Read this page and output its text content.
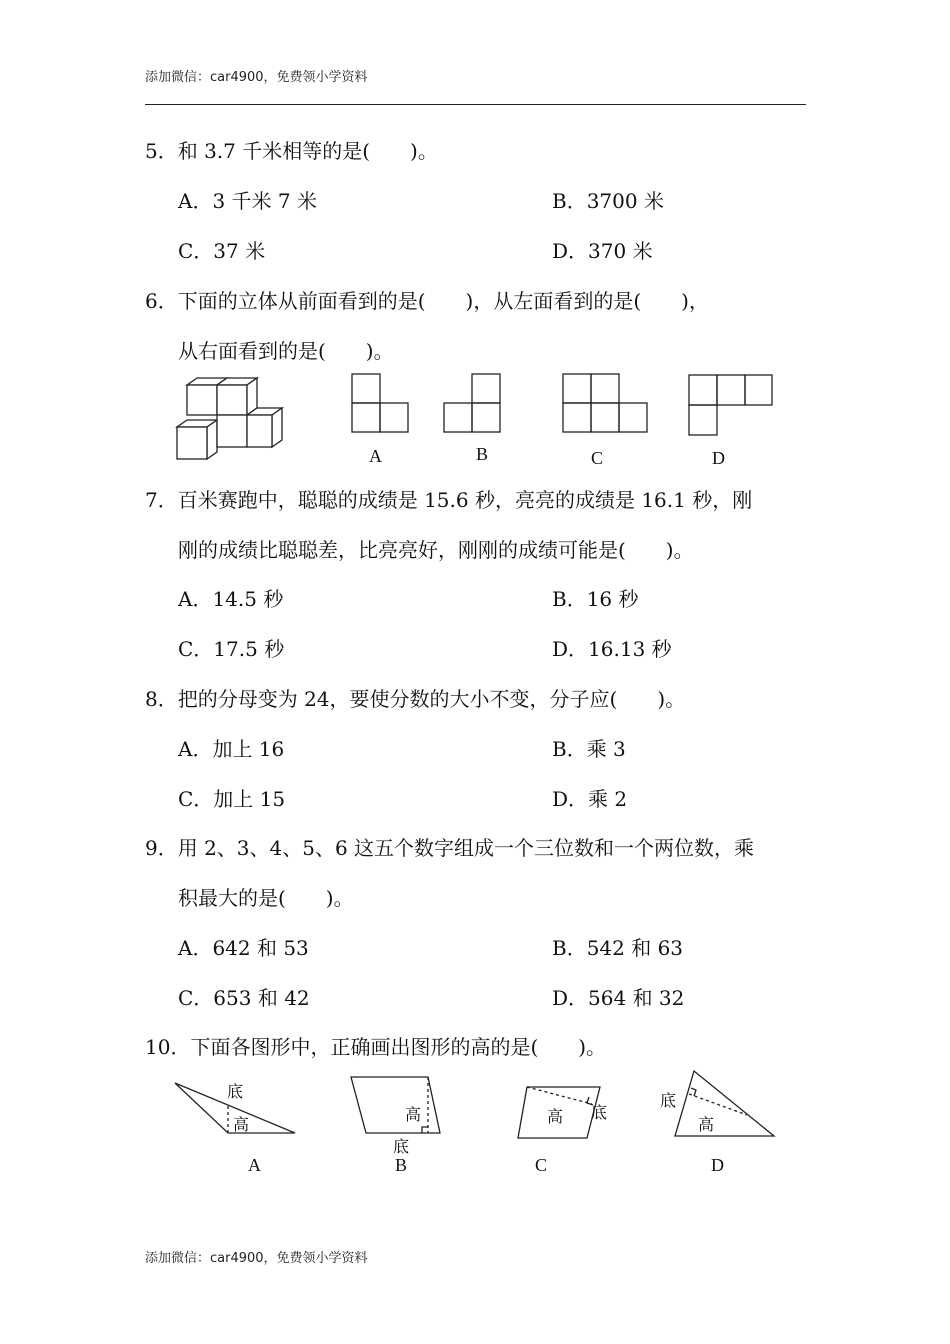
添加微信：car4900，免费领小学资料
5．和 3.7 千米相等的是(　　)。
A．3 千米 7 米	B．3700 米
C．37 米	D．370 米
6．下面的立体从前面看到的是(　　)，从左面看到的是(　　)，
从右面看到的是(　　)。
A	B	C	D
7．百米赛跑中，聪聪的成绩是 15.6 秒，亮亮的成绩是 16.1 秒，刚
刚的成绩比聪聪差，比亮亮好，刚刚的成绩可能是(　　)。
A．14.5 秒	B．16 秒
C．17.5 秒	D．16.13 秒
8．把的分母变为 24，要使分数的大小不变，分子应(　　)。
A．加上 16	B．乘 3
C．加上 15	D．乘 2
9．用 2、3、4、5、6 这五个数字组成一个三位数和一个两位数，乘
积最大的是(　　)。
A．642 和 53	B．542 和 63
C．653 和 42	D．564 和 32
10．下面各图形中，正确画出图形的高的是(　　)。
底
高
A
高
底
B
高 底
C
底
高
D
添加微信：car4900，免费领小学资料
